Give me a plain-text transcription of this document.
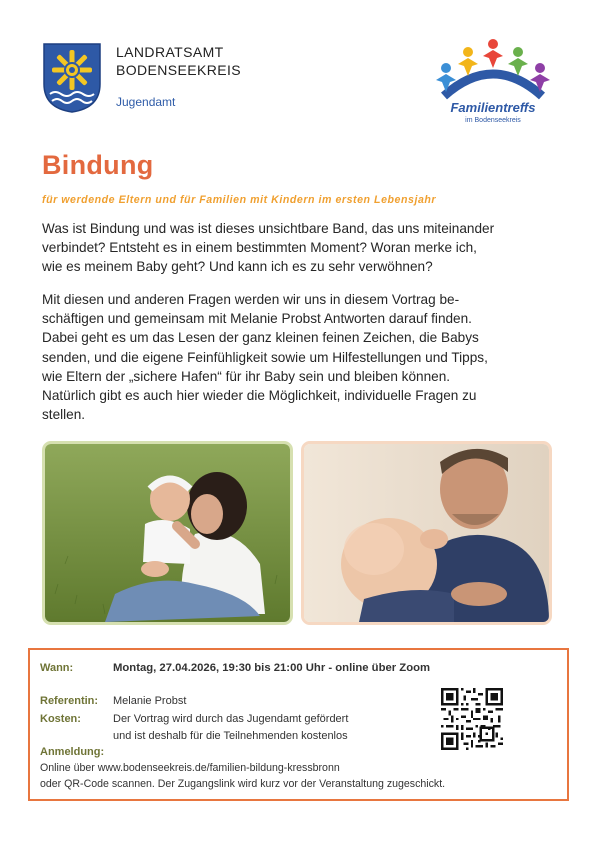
LANDRATSAMT
BODENSEEKREIS
Jugendamt	Familientreffs
im Bodenseekreis
Bindung
für werdende Eltern und für Familien mit Kindern im ersten Lebensjahr
Was ist Bindung und was ist dieses unsichtbare Band, das uns miteinander
verbindet? Entsteht es in einem bestimmten Moment? Woran merke ich,
wie es meinem Baby geht? Und kann ich es zu sehr verwöhnen?
Mit diesen und anderen Fragen werden wir uns in diesem Vortrag be-
schäftigen und gemeinsam mit Melanie Probst Antworten darauf finden.
Dabei geht es um das Lesen der ganz kleinen feinen Zeichen, die Babys
senden, und die eigene Feinfühligkeit sowie um Hilfestellungen und Tipps,
wie Eltern der „sichere Hafen“ für ihr Baby sein und bleiben können.
Natürlich gibt es auch hier wieder die Möglichkeit, individuelle Fragen zu
stellen.
Wann:	Montag, 27.04.2026, 19:30 bis 21:00 Uhr - online über Zoom
Referentin: Melanie Probst
Kosten:	Der Vortrag wird durch das Jugendamt gefördert
und ist deshalb für die Teilnehmenden kostenlos
Anmeldung:
Online über www.bodenseekreis.de/familien-bildung-kressbronn
oder QR-Code scannen. Der Zugangslink wird kurz vor der Veranstaltung zugeschickt.
